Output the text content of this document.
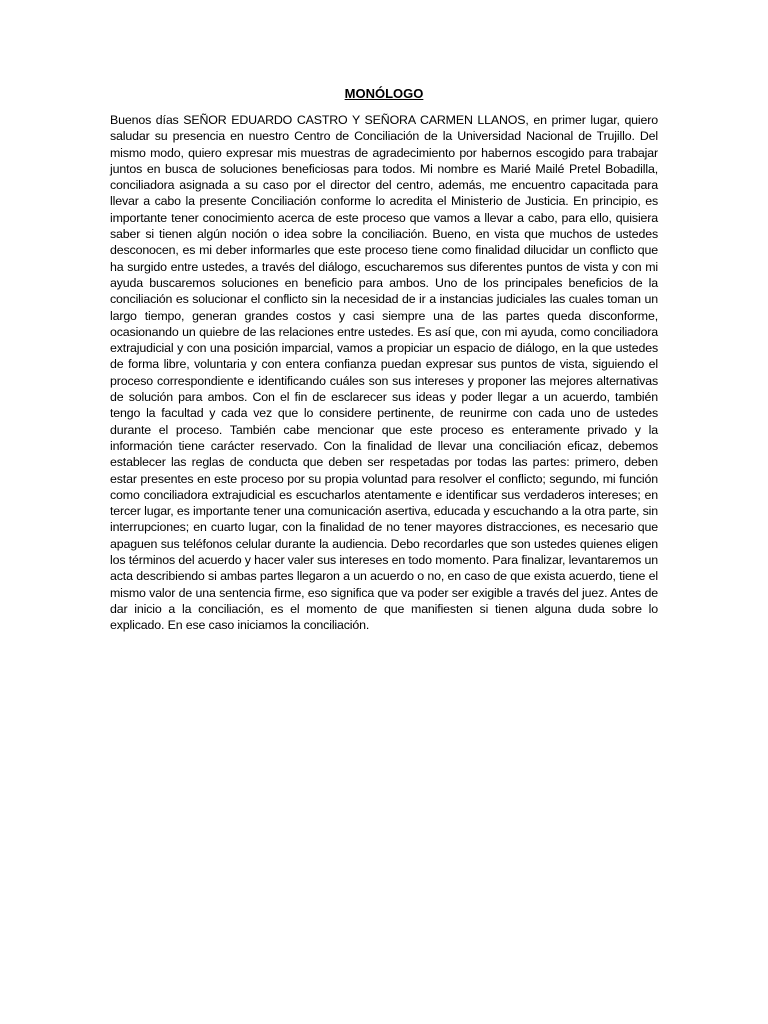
MONÓLOGO

Buenos días SEÑOR EDUARDO CASTRO Y SEÑORA CARMEN LLANOS, en primer lugar, quiero saludar su presencia en nuestro Centro de Conciliación de la Universidad Nacional de Trujillo. Del mismo modo, quiero expresar mis muestras de agradecimiento por habernos escogido para trabajar juntos en busca de soluciones beneficiosas para todos. Mi nombre es Marié Mailé Pretel Bobadilla, conciliadora asignada a su caso por el director del centro, además, me encuentro capacitada para llevar a cabo la presente Conciliación conforme lo acredita el Ministerio de Justicia. En principio, es importante tener conocimiento acerca de este proceso que vamos a llevar a cabo, para ello, quisiera saber si tienen algún noción o idea sobre la conciliación. Bueno, en vista que muchos de ustedes desconocen, es mi deber informarles que este proceso tiene como finalidad dilucidar un conflicto que ha surgido entre ustedes, a través del diálogo, escucharemos sus diferentes puntos de vista y con mi ayuda buscaremos soluciones en beneficio para ambos. Uno de los principales beneficios de la conciliación es solucionar el conflicto sin la necesidad de ir a instancias judiciales las cuales toman un largo tiempo, generan grandes costos y casi siempre una de las partes queda disconforme, ocasionando un quiebre de las relaciones entre ustedes. Es así que, con mi ayuda, como conciliadora extrajudicial y con una posición imparcial, vamos a propiciar un espacio de diálogo, en la que ustedes de forma libre, voluntaria y con entera confianza puedan expresar sus puntos de vista, siguiendo el proceso correspondiente e identificando cuáles son sus intereses y proponer las mejores alternativas de solución para ambos. Con el fin de esclarecer sus ideas y poder llegar a un acuerdo, también tengo la facultad y cada vez que lo considere pertinente, de reunirme con cada uno de ustedes durante el proceso. También cabe mencionar que este proceso es enteramente privado y la información tiene carácter reservado. Con la finalidad de llevar una conciliación eficaz, debemos establecer las reglas de conducta que deben ser respetadas por todas las partes: primero, deben estar presentes en este proceso por su propia voluntad para resolver el conflicto; segundo, mi función como conciliadora extrajudicial es escucharlos atentamente e identificar sus verdaderos intereses; en tercer lugar, es importante tener una comunicación asertiva, educada y escuchando a la otra parte, sin interrupciones; en cuarto lugar, con la finalidad de no tener mayores distracciones, es necesario que apaguen sus teléfonos celular durante la audiencia. Debo recordarles que son ustedes quienes eligen los términos del acuerdo y hacer valer sus intereses en todo momento. Para finalizar, levantaremos un acta describiendo si ambas partes llegaron a un acuerdo o no, en caso de que exista acuerdo, tiene el mismo valor de una sentencia firme, eso significa que va poder ser exigible a través del juez. Antes de dar inicio a la conciliación, es el momento de que manifiesten si tienen alguna duda sobre lo explicado. En ese caso iniciamos la conciliación.
